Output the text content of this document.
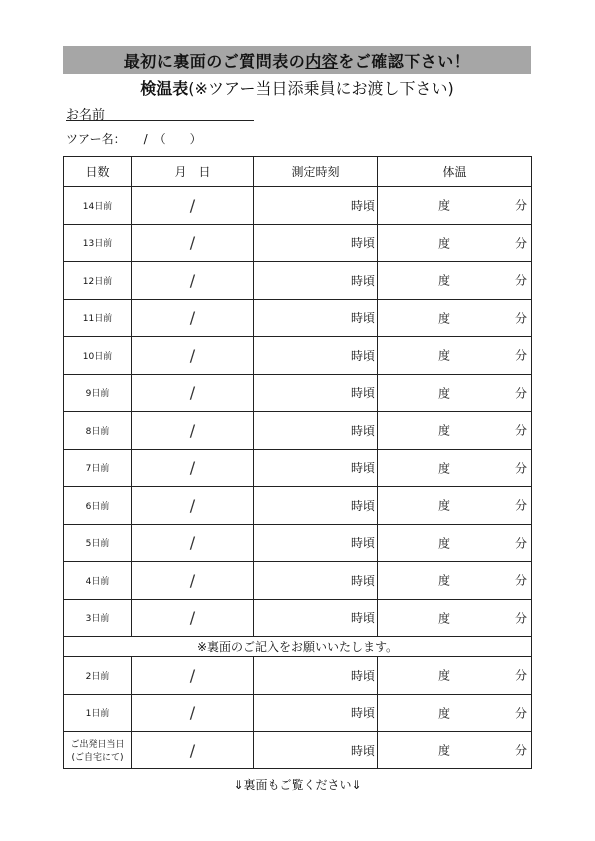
最初に裏面のご質問表の 内容 をご確認下さい！
検温表(※ツアー当日添乗員にお渡し下さい)
お名前
ツアー名：　　/　（　　）
日数	月　日	測定時刻	体温
14日前	/	時頃	度 分

13日前	/	時頃	度 分

12日前	/	時頃	度 分

11日前	/	時頃	度 分

10日前	/	時頃	度 分

9日前	/	時頃	度 分

8日前	/	時頃	度 分

7日前	/	時頃	度 分

6日前	/	時頃	度 分

5日前	/	時頃	度 分

4日前	/	時頃	度 分

3日前	/	時頃	度 分

※裏面のご記入をお願いいたします。			
2日前	/	時頃	度 分

1日前	/	時頃	度 分

ご出発日当日
(ご自宅にて)	/	時頃	度 分
⇓裏面もご覧ください⇓
